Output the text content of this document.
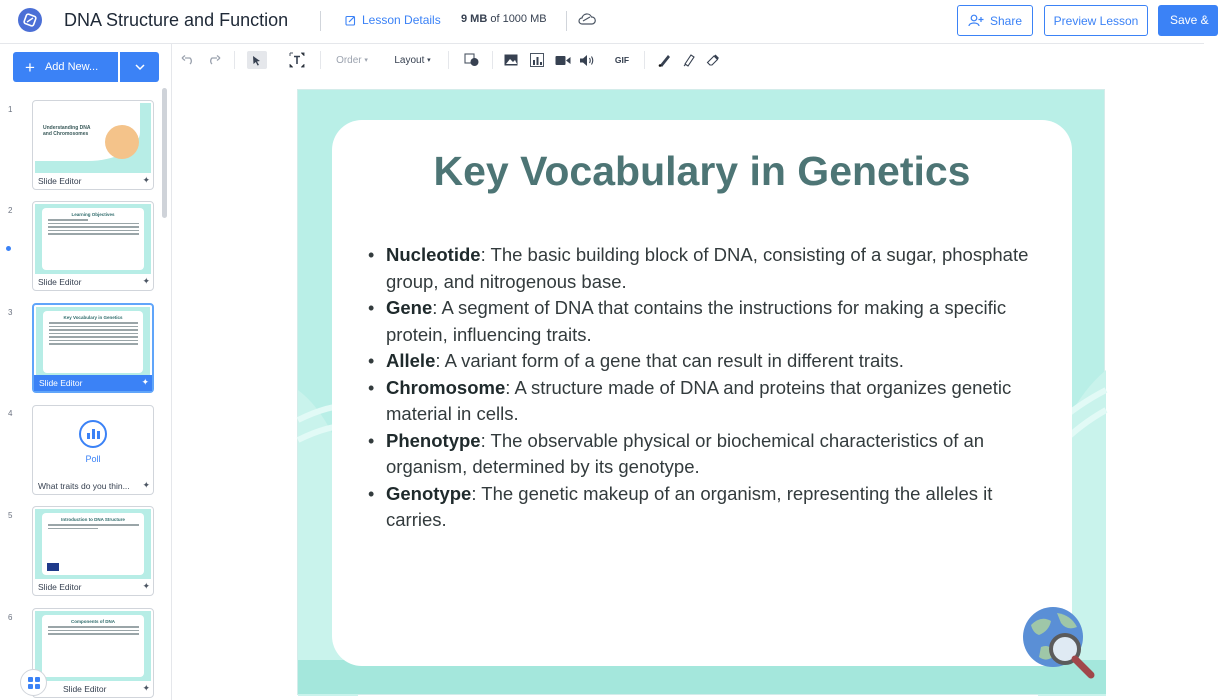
DNA Structure and Function	Lesson Details 9 MB of 1000 MB	Share	Preview Lesson	Save &
+ Add New...
1
Understanding DNA and Chromosomes
Slide Editor	✦
2	Learning Objectives
Slide Editor	✦
3
Key Vocabulary in Genetics
Slide Editor	✦
4
Poll
What traits do you thin...	✦
5	Introduction to DNA Structure
Slide Editor	✦
6	Components of DNA
Slide Editor	✦
Order
▾	Layout
▾	GIF
Key Vocabulary in Genetics
• Nucleotide: The basic building block of DNA, consisting of a sugar, phosphate group, and nitrogenous base.
• Gene: A segment of DNA that contains the instructions for making a specific protein, influencing traits.
• Allele: A variant form of a gene that can result in different traits.
• Chromosome: A structure made of DNA and proteins that organizes genetic material in cells.
• Phenotype: The observable physical or biochemical characteristics of an organism, determined by its genotype.
• Genotype: The genetic makeup of an organism, representing the alleles it carries.
